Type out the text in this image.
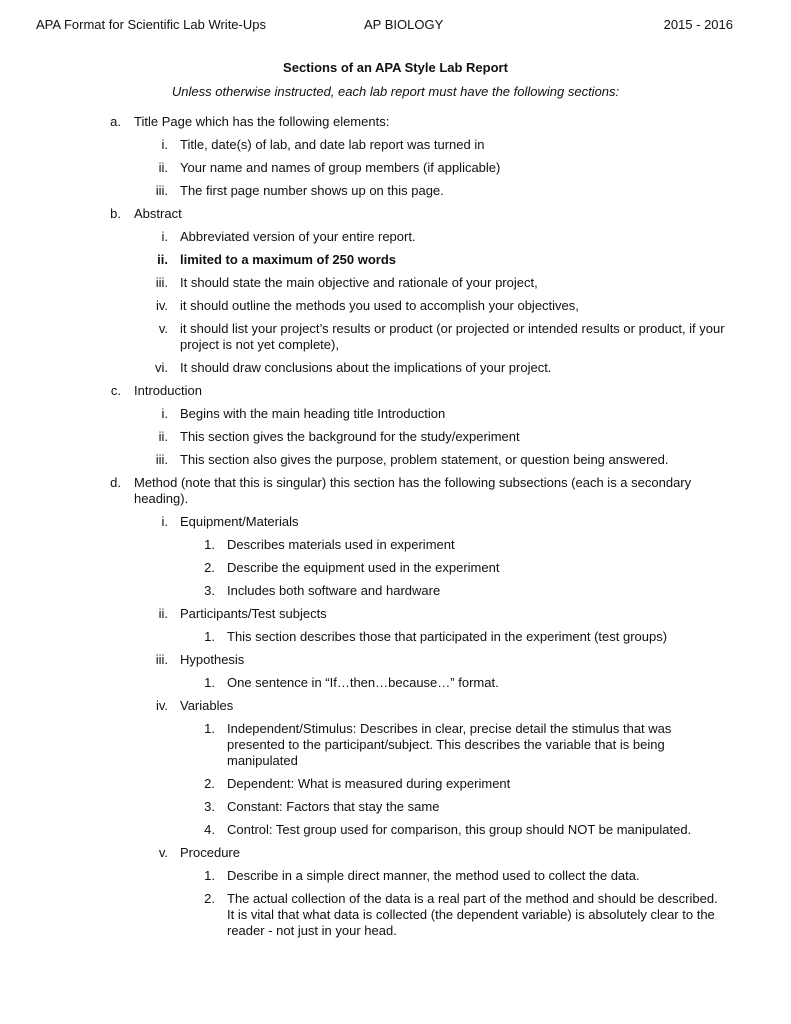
APA Format for Scientific Lab Write-Ups	AP BIOLOGY	2015 - 2016
Sections of an APA Style Lab Report
Unless otherwise instructed, each lab report must have the following sections:
a. Title Page which has the following elements:
i. Title, date(s) of lab, and date lab report was turned in
ii. Your name and names of group members (if applicable)
iii. The first page number shows up on this page.
b. Abstract
i. Abbreviated version of your entire report.
ii. limited to a maximum of 250 words
iii. It should state the main objective and rationale of your project,
iv. it should outline the methods you used to accomplish your objectives,
v. it should list your project’s results or product (or projected or intended results or product, if your project is not yet complete),
vi. It should draw conclusions about the implications of your project.
c. Introduction
i. Begins with the main heading title Introduction
ii. This section gives the background for the study/experiment
iii. This section also gives the purpose, problem statement, or question being answered.
d. Method (note that this is singular) this section has the following subsections (each is a secondary heading).
i. Equipment/Materials
1. Describes materials used in experiment
2. Describe the equipment used in the experiment
3. Includes both software and hardware
ii. Participants/Test subjects
1. This section describes those that participated in the experiment (test groups)
iii. Hypothesis
1. One sentence in “If…then…because…” format.
iv. Variables
1. Independent/Stimulus: Describes in clear, precise detail the stimulus that was presented to the participant/subject. This describes the variable that is being manipulated
2. Dependent: What is measured during experiment
3. Constant: Factors that stay the same
4. Control: Test group used for comparison, this group should NOT be manipulated.
v. Procedure
1. Describe in a simple direct manner, the method used to collect the data.
2. The actual collection of the data is a real part of the method and should be described. It is vital that what data is collected (the dependent variable) is absolutely clear to the reader - not just in your head.
